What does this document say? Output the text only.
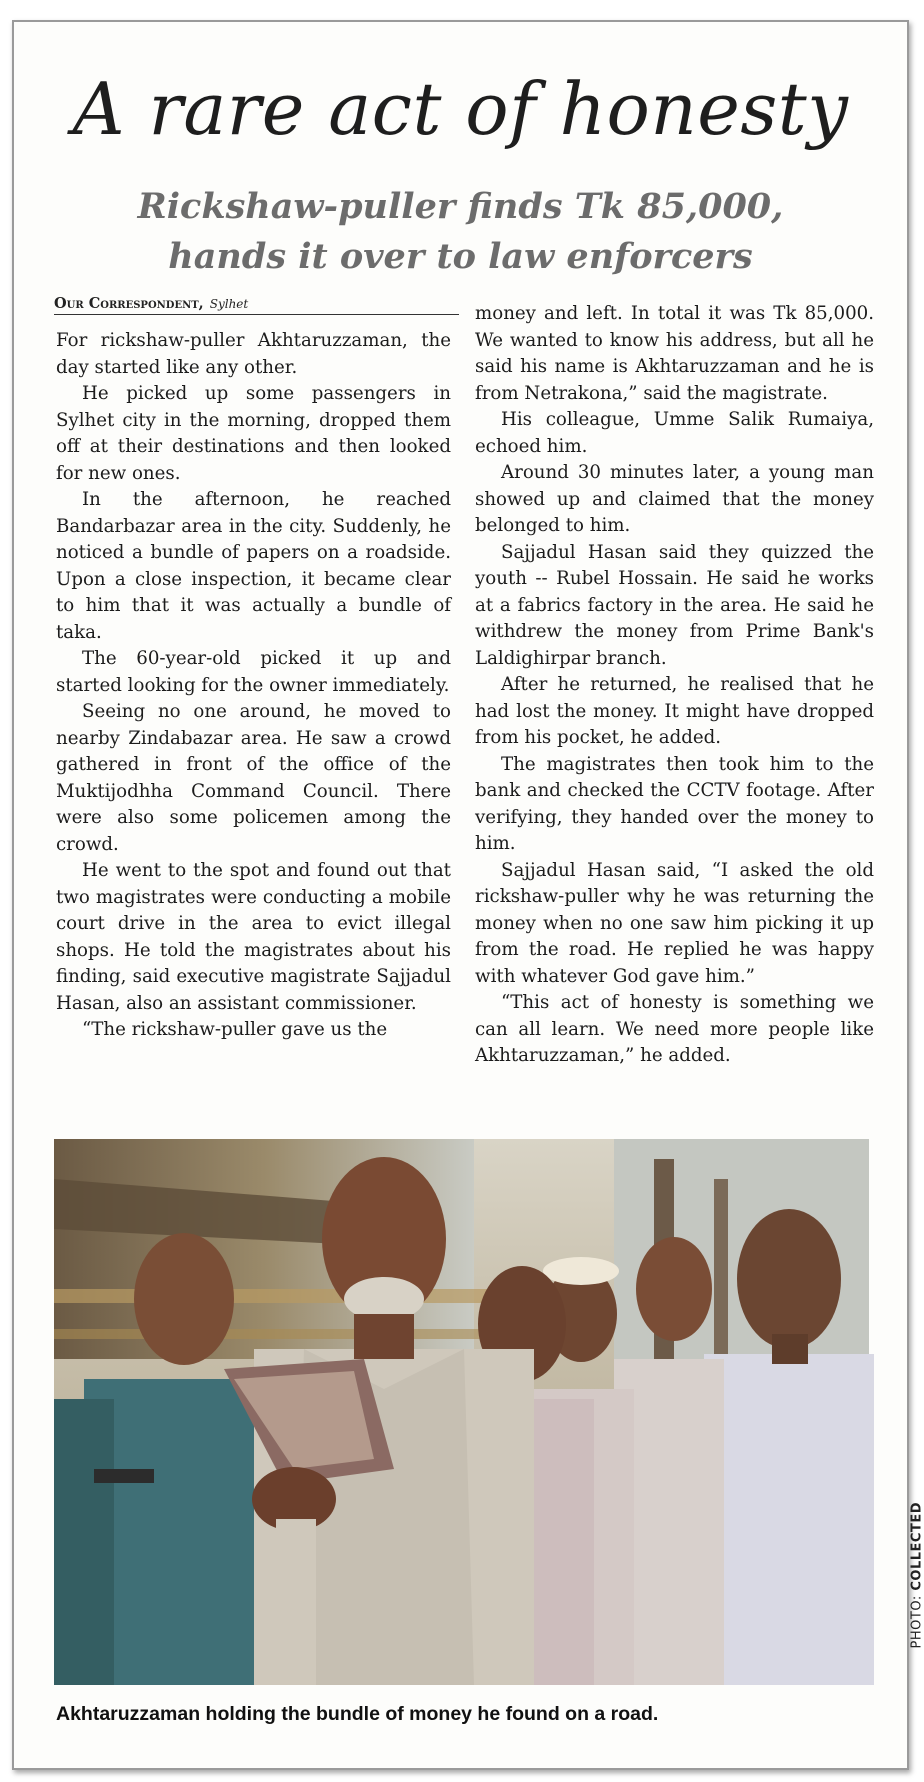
A rare act of honesty
Rickshaw-puller finds Tk 85,000,
hands it over to law enforcers
Our Correspondent, Sylhet

For rickshaw-puller Akhtaruzzaman, the day started like any other.

He picked up some passengers in Sylhet city in the morning, dropped them off at their destinations and then looked for new ones.

In the afternoon, he reached Bandarbazar area in the city. Suddenly, he noticed a bundle of papers on a roadside. Upon a close inspection, it became clear to him that it was actually a bundle of taka.

The 60-year-old picked it up and started looking for the owner immediately.

Seeing no one around, he moved to nearby Zindabazar area. He saw a crowd gathered in front of the office of the Muktijodhha Command Council. There were also some policemen among the crowd.

He went to the spot and found out that two magistrates were conducting a mobile court drive in the area to evict illegal shops. He told the magistrates about his finding, said executive magistrate Sajjadul Hasan, also an assistant commissioner.

“The rickshaw-puller gave us the

money and left. In total it was Tk 85,000. We wanted to know his address, but all he said his name is Akhtaruzzaman and he is from Netrakona,” said the magistrate.

His colleague, Umme Salik Rumaiya, echoed him.

Around 30 minutes later, a young man showed up and claimed that the money belonged to him.

Sajjadul Hasan said they quizzed the youth -- Rubel Hossain. He said he works at a fabrics factory in the area. He said he withdrew the money from Prime Bank's Laldighirpar branch.

After he returned, he realised that he had lost the money. It might have dropped from his pocket, he added.

The magistrates then took him to the bank and checked the CCTV footage. After verifying, they handed over the money to him.

Sajjadul Hasan said, “I asked the old rickshaw-puller why he was returning the money when no one saw him picking it up from the road. He replied he was happy with whatever God gave him.”

“This act of honesty is something we can all learn. We need more people like Akhtaruzzaman,” he added.

PHOTO: COLLECTED
Akhtaruzzaman holding the bundle of money he found on a road.
